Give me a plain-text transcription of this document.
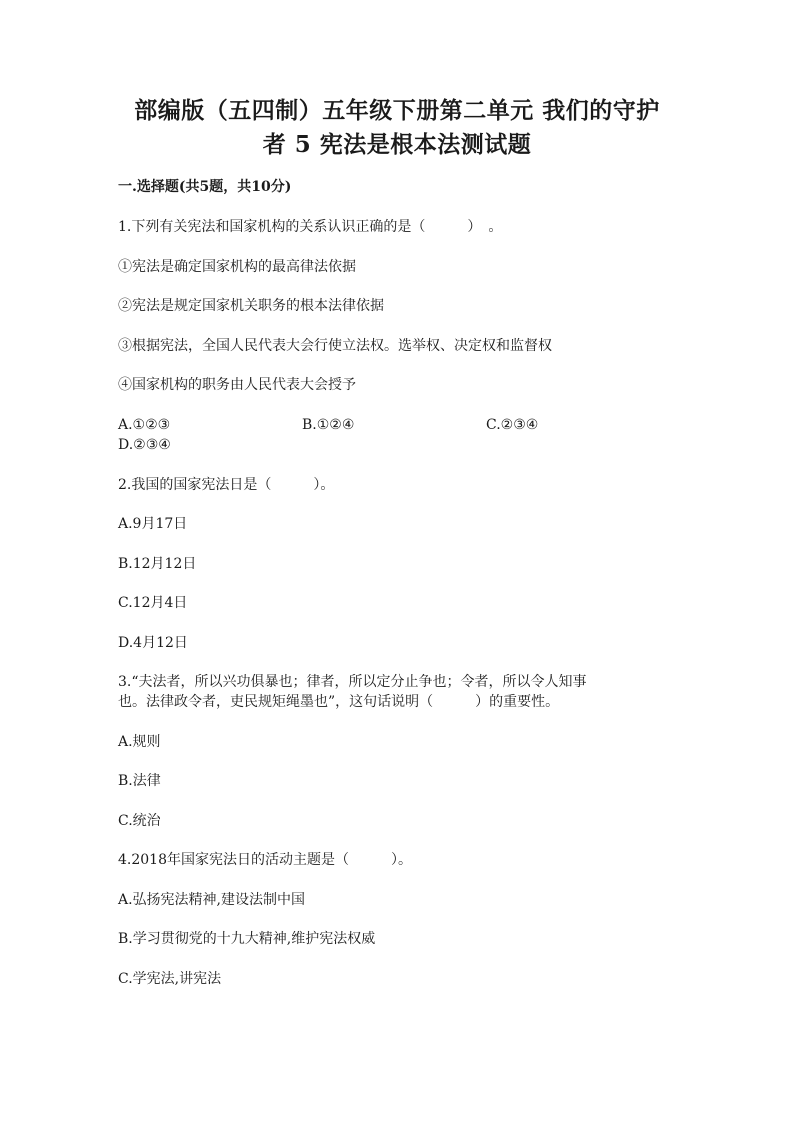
部编版（五四制）五年级下册第二单元 我们的守护
者 5 宪法是根本法测试题
一.选择题(共5题，共10分)
1.下列有关宪法和国家机构的关系认识正确的是（　　　）　。
①宪法是确定国家机构的最高律法依据
②宪法是规定国家机关职务的根本法律依据
③根据宪法，全国人民代表大会行使立法权。选举权、决定权和监督权
④国家机构的职务由人民代表大会授予
A.①②③	B.①②④	C.②③④
D.②③④
2.我国的国家宪法日是（　　　）。
A.9月17日
B.12月12日
C.12月4日
D.4月12日
3.“夫法者，所以兴功俱暴也；律者，所以定分止争也；令者，所以令人知事
也。法律政令者，吏民规矩绳墨也”，这句话说明（　　　）的重要性。
A.规则
B.法律
C.统治
4.2018年国家宪法日的活动主题是（　　　）。
A.弘扬宪法精神,建设法制中国
B.学习贯彻党的十九大精神,维护宪法权威
C.学宪法,讲宪法
